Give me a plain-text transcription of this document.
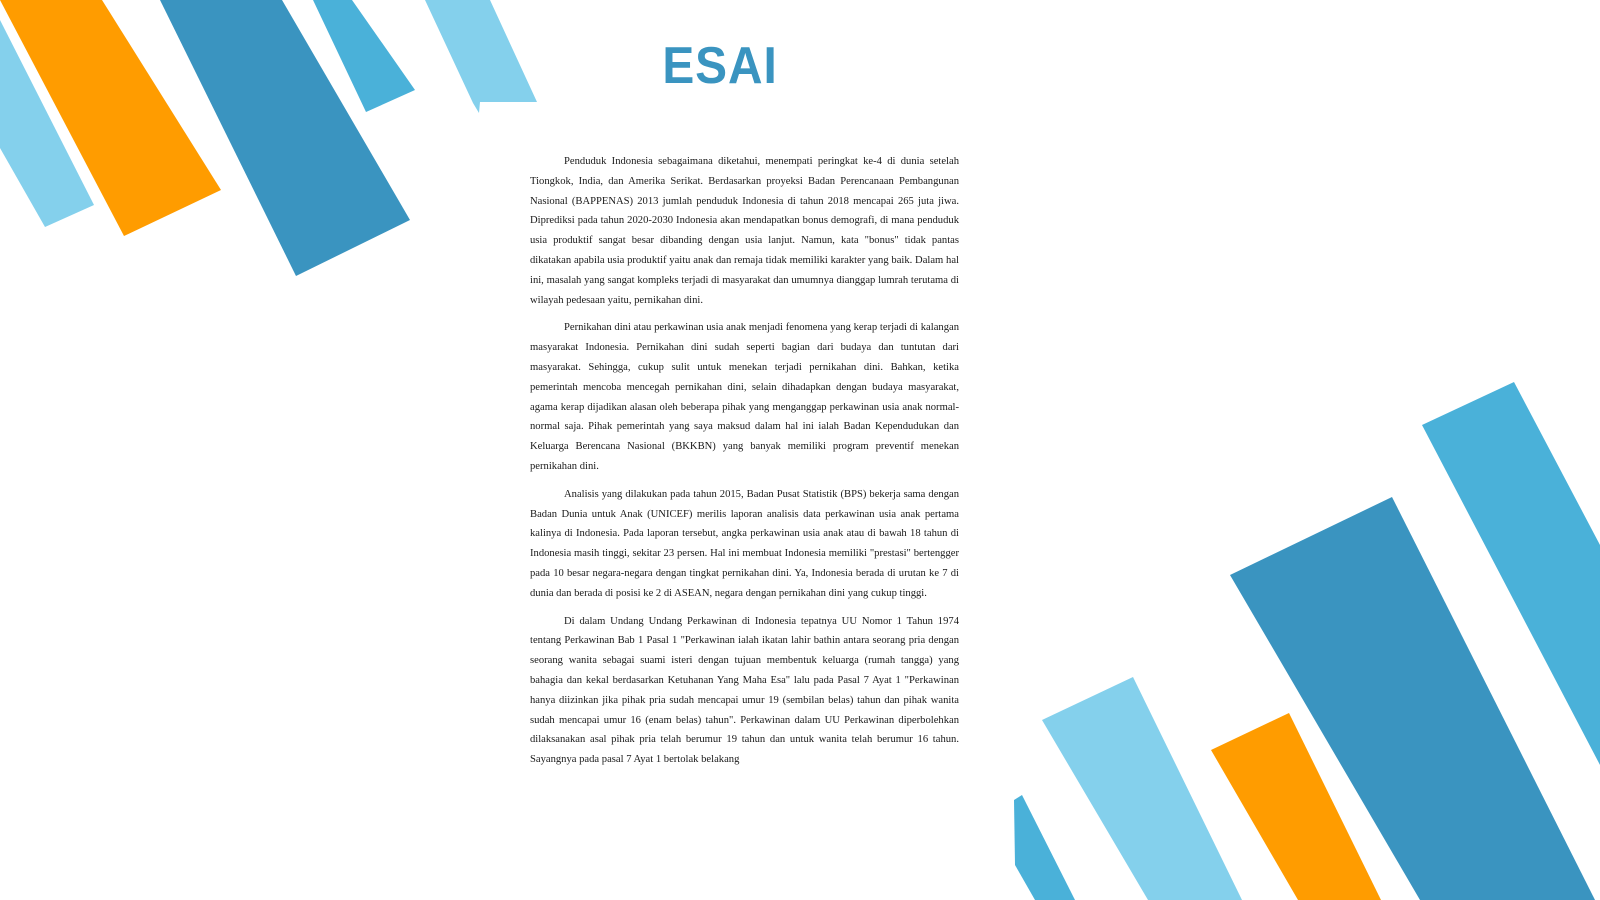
ESAI

Penduduk Indonesia sebagaimana diketahui, menempati peringkat ke-4 di dunia setelah Tiongkok, India, dan Amerika Serikat. Berdasarkan proyeksi Badan Perencanaan Pembangunan Nasional (BAPPENAS) 2013 jumlah penduduk Indonesia di tahun 2018 mencapai 265 juta jiwa. Diprediksi pada tahun 2020-2030 Indonesia akan mendapatkan bonus demografi, di mana penduduk usia produktif sangat besar dibanding dengan usia lanjut. Namun, kata "bonus" tidak pantas dikatakan apabila usia produktif yaitu anak dan remaja tidak memiliki karakter yang baik. Dalam hal ini, masalah yang sangat kompleks terjadi di masyarakat dan umumnya dianggap lumrah terutama di wilayah pedesaan yaitu, pernikahan dini.

Pernikahan dini atau perkawinan usia anak menjadi fenomena yang kerap terjadi di kalangan masyarakat Indonesia. Pernikahan dini sudah seperti bagian dari budaya dan tuntutan dari masyarakat. Sehingga, cukup sulit untuk menekan terjadi pernikahan dini. Bahkan, ketika pemerintah mencoba mencegah pernikahan dini, selain dihadapkan dengan budaya masyarakat, agama kerap dijadikan alasan oleh beberapa pihak yang menganggap perkawinan usia anak normal-normal saja. Pihak pemerintah yang saya maksud dalam hal ini ialah Badan Kependudukan dan Keluarga Berencana Nasional (BKKBN) yang banyak memiliki program preventif menekan pernikahan dini.

Analisis yang dilakukan pada tahun 2015, Badan Pusat Statistik (BPS) bekerja sama dengan Badan Dunia untuk Anak (UNICEF) merilis laporan analisis data perkawinan usia anak pertama kalinya di Indonesia. Pada laporan tersebut, angka perkawinan usia anak atau di bawah 18 tahun di Indonesia masih tinggi, sekitar 23 persen. Hal ini membuat Indonesia memiliki "prestasi" bertengger pada 10 besar negara-negara dengan tingkat pernikahan dini. Ya, Indonesia berada di urutan ke 7 di dunia dan berada di posisi ke 2 di ASEAN, negara dengan pernikahan dini yang cukup tinggi.

Di dalam Undang Undang Perkawinan di Indonesia tepatnya UU Nomor 1 Tahun 1974 tentang Perkawinan Bab 1 Pasal 1 "Perkawinan ialah ikatan lahir bathin antara seorang pria dengan seorang wanita sebagai suami isteri dengan tujuan membentuk keluarga (rumah tangga) yang bahagia dan kekal berdasarkan Ketuhanan Yang Maha Esa" lalu pada Pasal 7 Ayat 1 "Perkawinan hanya diizinkan jika pihak pria sudah mencapai umur 19 (sembilan belas) tahun dan pihak wanita sudah mencapai umur 16 (enam belas) tahun". Perkawinan dalam UU Perkawinan diperbolehkan dilaksanakan asal pihak pria telah berumur 19 tahun dan untuk wanita telah berumur 16 tahun. Sayangnya pada pasal 7 Ayat 1 bertolak belakang
